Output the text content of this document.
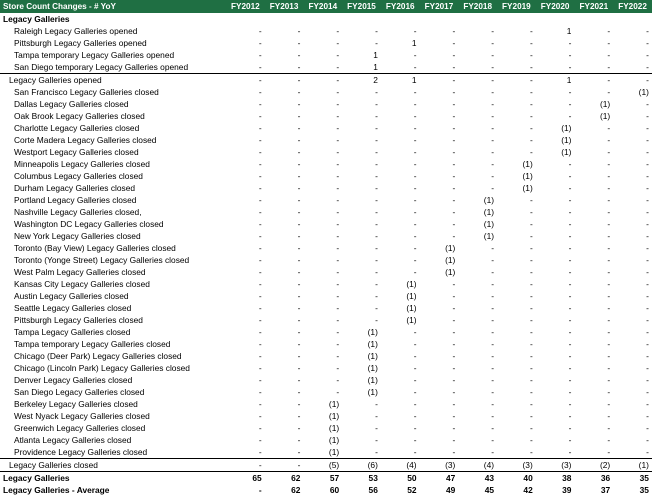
Store Count Changes - # YoY	FY2012	FY2013	FY2014	FY2015	FY2016	FY2017	FY2018	FY2019	FY2020	FY2021	FY2022
Legacy Galleries											
Raleigh Legacy Galleries opened	-	-	-	-	-	-	-	-	1	-	-
Pittsburgh Legacy Galleries opened	-	-	-	-	1	-	-	-	-	-	-
Tampa temporary Legacy Galleries opened	-	-	-	1	-	-	-	-	-	-	-
San Diego temporary Legacy Galleries opened	-	-	-	1	-	-	-	-	-	-	-
Legacy Galleries opened	-	-	-	2	1	-	-	-	1	-	-
San Francisco Legacy Galleries closed	-	-	-	-	-	-	-	-	-	-	(1)
Dallas Legacy Galleries closed	-	-	-	-	-	-	-	-	-	(1)	-
Oak Brook Legacy Galleries closed	-	-	-	-	-	-	-	-	-	(1)	-
Charlotte Legacy Galleries closed	-	-	-	-	-	-	-	-	(1)	-	-
Corte Madera Legacy Galleries closed	-	-	-	-	-	-	-	-	(1)	-	-
Westport Legacy Galleries closed	-	-	-	-	-	-	-	-	(1)	-	-
Minneapolis Legacy Galleries closed	-	-	-	-	-	-	-	(1)	-	-	-
Columbus Legacy Galleries closed	-	-	-	-	-	-	-	(1)	-	-	-
Durham Legacy Galleries closed	-	-	-	-	-	-	-	(1)	-	-	-
Portland Legacy Galleries closed	-	-	-	-	-	-	(1)	-	-	-	-
Nashville Legacy Galleries closed,	-	-	-	-	-	-	(1)	-	-	-	-
Washington DC Legacy Galleries closed	-	-	-	-	-	-	(1)	-	-	-	-
New York Legacy Galleries closed	-	-	-	-	-	-	(1)	-	-	-	-
Toronto (Bay View) Legacy Galleries closed	-	-	-	-	-	(1)	-	-	-	-	-
Toronto (Yonge Street) Legacy Galleries closed	-	-	-	-	-	(1)	-	-	-	-	-
West Palm Legacy Galleries closed	-	-	-	-	-	(1)	-	-	-	-	-
Kansas City Legacy Galleries closed	-	-	-	-	(1)	-	-	-	-	-	-
Austin Legacy Galleries closed	-	-	-	-	(1)	-	-	-	-	-	-
Seattle Legacy Galleries closed	-	-	-	-	(1)	-	-	-	-	-	-
Pittsburgh Legacy Galleries closed	-	-	-	-	(1)	-	-	-	-	-	-
Tampa Legacy Galleries closed	-	-	-	(1)	-	-	-	-	-	-	-
Tampa temporary Legacy Galleries closed	-	-	-	(1)	-	-	-	-	-	-	-
Chicago (Deer Park) Legacy Galleries closed	-	-	-	(1)	-	-	-	-	-	-	-
Chicago (Lincoln Park) Legacy Galleries closed	-	-	-	(1)	-	-	-	-	-	-	-
Denver Legacy Galleries closed	-	-	-	(1)	-	-	-	-	-	-	-
San Diego Legacy Galleries closed	-	-	-	(1)	-	-	-	-	-	-	-
Berkeley Legacy Galleries closed	-	-	(1)	-	-	-	-	-	-	-	-
West Nyack Legacy Galleries closed	-	-	(1)	-	-	-	-	-	-	-	-
Greenwich Legacy Galleries closed	-	-	(1)	-	-	-	-	-	-	-	-
Atlanta Legacy Galleries closed	-	-	(1)	-	-	-	-	-	-	-	-
Providence Legacy Galleries closed	-	-	(1)	-	-	-	-	-	-	-	-
Legacy Galleries closed	-	-	(5)	(6)	(4)	(3)	(4)	(3)	(3)	(2)	(1)
Legacy Galleries	65	62	57	53	50	47	43	40	38	36	35
Legacy Galleries - Average	-	62	60	56	52	49	45	42	39	37	35
